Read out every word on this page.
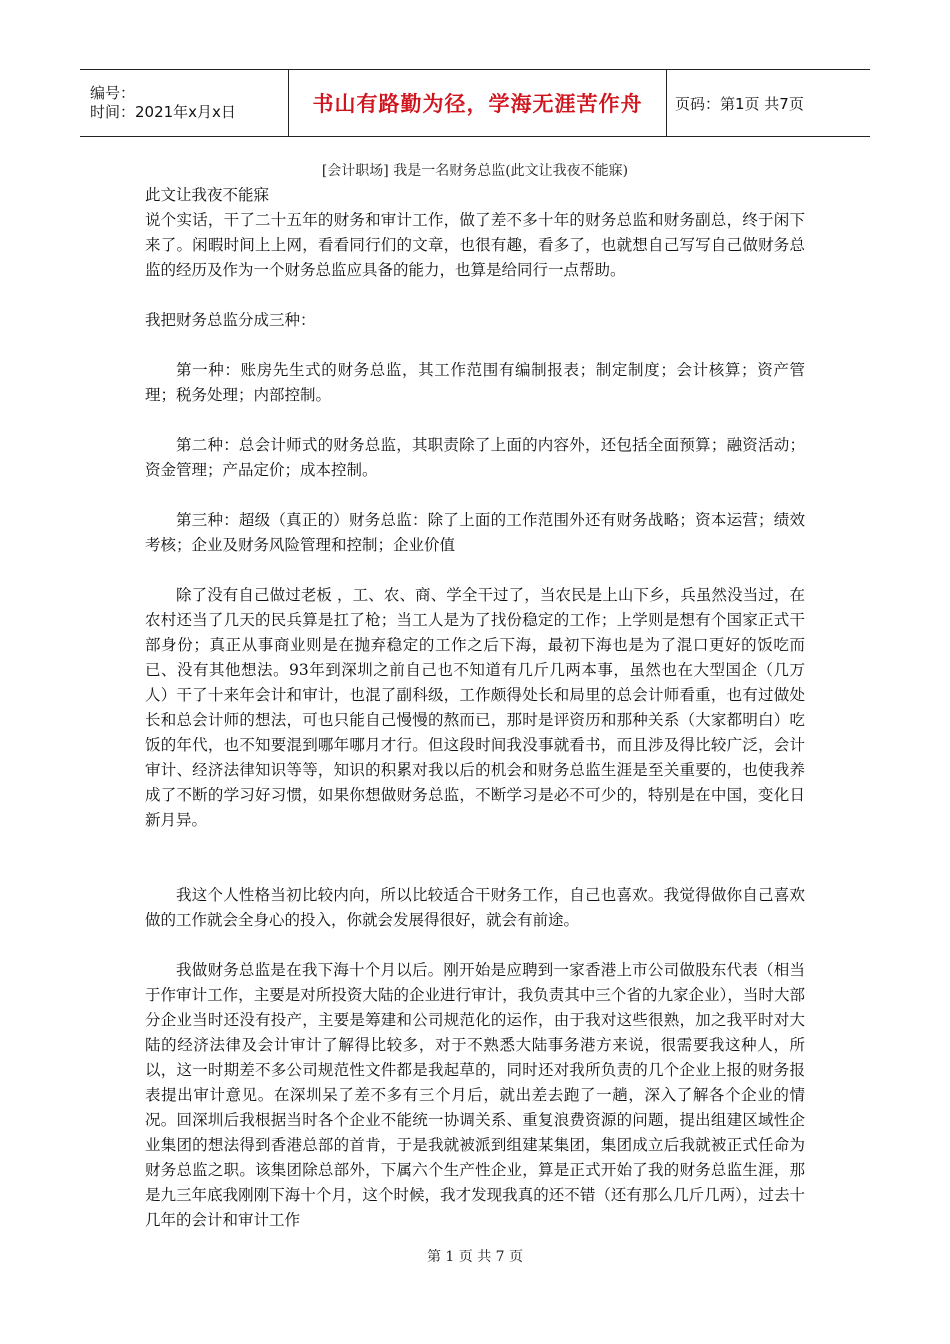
编号：
时间：2021年x月x日	书山有路勤为径，学海无涯苦作舟 页码：第1页 共7页
[会计职场] 我是一名财务总监(此文让我夜不能寐)

此文让我夜不能寐

说个实话，干了二十五年的财务和审计工作，做了差不多十年的财务总监和财务副总，终于闲下来了。闲暇时间上上网，看看同行们的文章，也很有趣，看多了，也就想自己写写自己做财务总监的经历及作为一个财务总监应具备的能力，也算是给同行一点帮助。

我把财务总监分成三种：

第一种：账房先生式的财务总监，其工作范围有编制报表；制定制度；会计核算；资产管理；税务处理；内部控制。

第二种：总会计师式的财务总监，其职责除了上面的内容外，还包括全面预算；融资活动；资金管理；产品定价；成本控制。

第三种：超级（真正的）财务总监：除了上面的工作范围外还有财务战略；资本运营；绩效考核；企业及财务风险管理和控制；企业价值

除了没有自己做过老板 ，工、农、商、学全干过了，当农民是上山下乡，兵虽然没当过，在农村还当了几天的民兵算是扛了枪；当工人是为了找份稳定的工作；上学则是想有个国家正式干部身份；真正从事商业则是在抛弃稳定的工作之后下海，最初下海也是为了混口更好的饭吃而已、没有其他想法。93年到深圳之前自己也不知道有几斤几两本事，虽然也在大型国企（几万人）干了十来年会计和审计，也混了副科级，工作颇得处长和局里的总会计师看重，也有过做处长和总会计师的想法，可也只能自己慢慢的熬而已，那时是评资历和那种关系（大家都明白）吃饭的年代，也不知要混到哪年哪月才行。但这段时间我没事就看书，而且涉及得比较广泛，会计审计、经济法律知识等等，知识的积累对我以后的机会和财务总监生涯是至关重要的，也使我养成了不断的学习好习惯，如果你想做财务总监，不断学习是必不可少的，特别是在中国，变化日新月异。

我这个人性格当初比较内向，所以比较适合干财务工作，自己也喜欢。我觉得做你自己喜欢做的工作就会全身心的投入，你就会发展得很好，就会有前途。

我做财务总监是在我下海十个月以后。刚开始是应聘到一家香港上市公司做股东代表（相当于作审计工作，主要是对所投资大陆的企业进行审计，我负责其中三个省的九家企业），当时大部分企业当时还没有投产，主要是筹建和公司规范化的运作，由于我对这些很熟，加之我平时对大陆的经济法律及会计审计了解得比较多，对于不熟悉大陆事务港方来说，很需要我这种人，所以，这一时期差不多公司规范性文件都是我起草的，同时还对我所负责的几个企业上报的财务报表提出审计意见。在深圳呆了差不多有三个月后，就出差去跑了一趟，深入了解各个企业的情况。回深圳后我根据当时各个企业不能统一协调关系、重复浪费资源的问题，提出组建区域性企业集团的想法得到香港总部的首肯，于是我就被派到组建某集团，集团成立后我就被正式任命为财务总监之职。该集团除总部外，下属六个生产性企业，算是正式开始了我的财务总监生涯，那是九三年底我刚刚下海十个月，这个时候，我才发现我真的还不错（还有那么几斤几两），过去十几年的会计和审计工作

第 1 页 共 7 页
